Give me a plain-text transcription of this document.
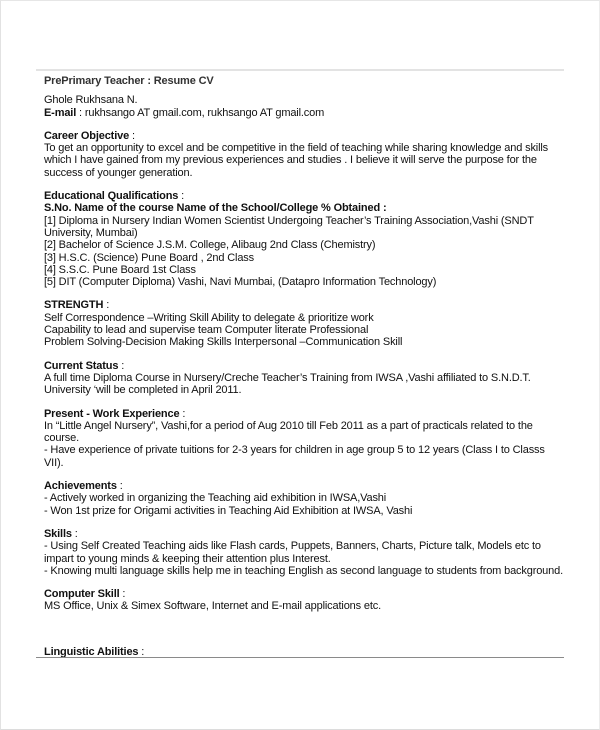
PrePrimary Teacher : Resume CV
Ghole Rukhsana N.
E-mail : rukhsango AT gmail.com, rukhsango AT gmail.com
Career Objective :
To get an opportunity to excel and be competitive in the field of teaching while sharing knowledge and skills which I have gained from my previous experiences and studies . I believe it will serve the purpose for the success of younger generation.
Educational Qualifications :
S.No. Name of the course Name of the School/College % Obtained :
[1] Diploma in Nursery Indian Women Scientist Undergoing Teacher’s Training Association,Vashi (SNDT University, Mumbai)
[2] Bachelor of Science J.S.M. College, Alibaug 2nd Class (Chemistry)
[3] H.S.C. (Science) Pune Board , 2nd Class
[4] S.S.C. Pune Board 1st Class
[5] DIT (Computer Diploma) Vashi, Navi Mumbai, (Datapro Information Technology)
STRENGTH :
Self Correspondence –Writing Skill Ability to delegate & prioritize work
Capability to lead and supervise team Computer literate Professional
Problem Solving-Decision Making Skills Interpersonal –Communication Skill
Current Status :
A full time Diploma Course in Nursery/Creche Teacher’s Training from IWSA ,Vashi affiliated to S.N.D.T. University ‘will be completed in April 2011.
Present - Work Experience :
In “Little Angel Nursery”, Vashi,for a period of Aug 2010 till Feb 2011 as a part of practicals related to the course.
- Have experience of private tuitions for 2-3 years for children in age group 5 to 12 years (Class I to Classs VII).
Achievements :
- Actively worked in organizing the Teaching aid exhibition in IWSA,Vashi
- Won 1st prize for Origami activities in Teaching Aid Exhibition at IWSA, Vashi
Skills :
- Using Self Created Teaching aids like Flash cards, Puppets, Banners, Charts, Picture talk, Models etc to impart to young minds & keeping their attention plus Interest.
- Knowing multi language skills help me in teaching English as second language to students from background.
Computer Skill :
MS Office, Unix & Simex Software, Internet and E-mail applications etc.
Linguistic Abilities :
